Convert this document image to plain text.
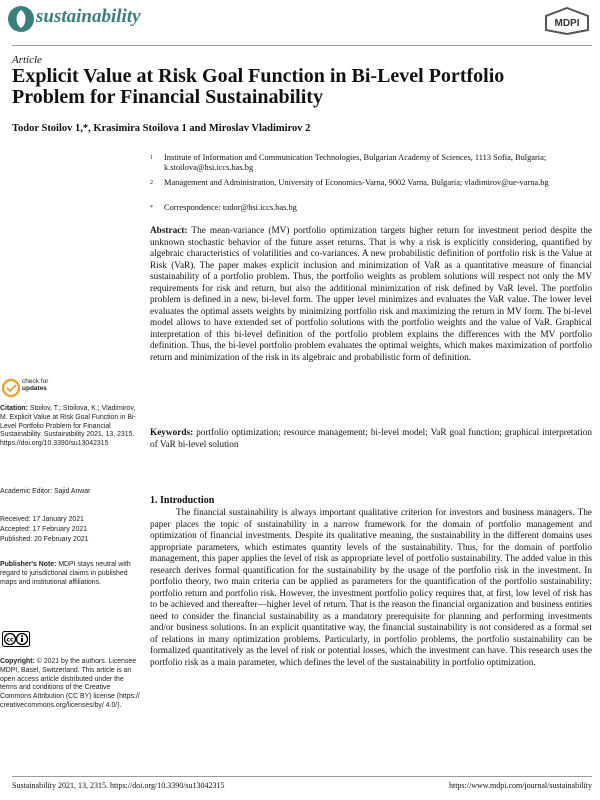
sustainability	MDPI
Article
Explicit Value at Risk Goal Function in Bi-Level Portfolio Problem for Financial Sustainability
Todor Stoilov 1,*, Krasimira Stoilova 1 and Miroslav Vladimirov 2
1 Institute of Information and Communication Technologies, Bulgarian Academy of Sciences, 1113 Sofia, Bulgaria; k.stoilova@hsi.iccs.bas.bg
2 Management and Administration, University of Economics-Varna, 9002 Varna, Bulgaria; vladimirov@ue-varna.bg
* Correspondence: todor@hsi.iccs.bas.bg
Abstract: The mean-variance (MV) portfolio optimization targets higher return for investment period despite the unknown stochastic behavior of the future asset returns. That is why a risk is explicitly considering, quantified by algebraic characteristics of volatilities and co-variances. A new probabilistic definition of portfolio risk is the Value at Risk (VaR). The paper makes explicit inclusion and minimization of VaR as a quantitative measure of financial sustainability of a portfolio problem. Thus, the portfolio weights as problem solutions will respect not only the MV requirements for risk and return, but also the additional minimization of risk defined by VaR level. The portfolio problem is defined in a new, bi-level form. The upper level minimizes and evaluates the VaR value. The lower level evaluates the optimal assets weights by minimizing portfolio risk and maximizing the return in MV form. The bi-level model allows to have extended set of portfolio solutions with the portfolio weights and the value of VaR. Graphical interpretation of this bi-level definition of the portfolio problem explains the differences with the MV portfolio definition. Thus, the bi-level portfolio problem evaluates the optimal weights, which makes maximization of portfolio return and minimization of the risk in its algebraic and probabilistic form of definition.
Keywords: portfolio optimization; resource management; bi-level model; VaR goal function; graphical interpretation of VaR bi-level solution
1. Introduction
The financial sustainability is always important qualitative criterion for investors and business managers. The paper places the topic of sustainability in a narrow framework for the domain of portfolio management and optimization of financial investments. Despite its qualitative meaning, the sustainability in the different domains uses appropriate parameters, which estimates quantity levels of the sustainability. Thus, for the domain of portfolio management, this paper applies the level of risk as appropriate level of portfolio sustainability. The added value in this research derives formal quantification for the sustainability by the usage of the portfolio risk in the investment. In portfolio theory, two main criteria can be applied as parameters for the quantification of the portfolio sustainability: portfolio return and portfolio risk. However, the investment portfolio policy requires that, at first, low level of risk has to be achieved and thereafter—higher level of return. That is the reason the financial organization and business entities need to consider the financial sustainability as a mandatory prerequisite for planning and performing investments and/or business solutions. In an explicit quantitative way, the financial sustainability is not considered as a formal set of relations in many optimization problems. Particularly, in portfolio problems, the portfolio sustainability can be formalized quantitatively as the level of risk or potential losses, which the investment can have. This research uses the portfolio risk as a main parameter, which defines the level of the sustainability in portfolio optimization.
check for
updates
Citation: Stoilov, T.; Stoilova, K.; Vladimirov, M. Explicit Value at Risk Goal Function in Bi-Level Portfolio Problem for Financial Sustainability. Sustainability 2021, 13, 2315. https://doi.org/10.3390/su13042315
Academic Editor: Sajid Anwar
Received: 17 January 2021
Accepted: 17 February 2021
Published: 20 February 2021
Publisher's Note: MDPI stays neutral with regard to jurisdictional claims in published maps and institutional affiliations.
cc
Copyright: © 2021 by the authors. Licensee MDPI, Basel, Switzerland. This article is an open access article distributed under the terms and conditions of the Creative Commons Attribution (CC BY) license (https:// creativecommons.org/licenses/by/ 4.0/).
Sustainability 2021, 13, 2315. https://doi.org/10.3390/su13042315	https://www.mdpi.com/journal/sustainability
